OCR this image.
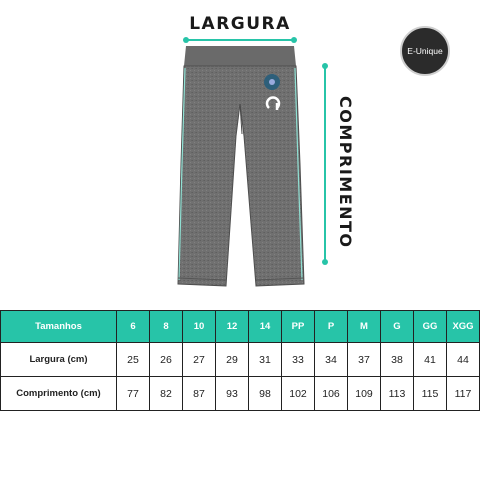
LARGURA
E-Unique
COMPRIMENTO
Tamanhos	6	8	10	12	14	PP	P	M	G	GG	XGG
Largura (cm)	25	26	27	29	31	33	34	37	38	41	44
Comprimento (cm)	77	82	87	93	98	102	106	109	113	115	117
